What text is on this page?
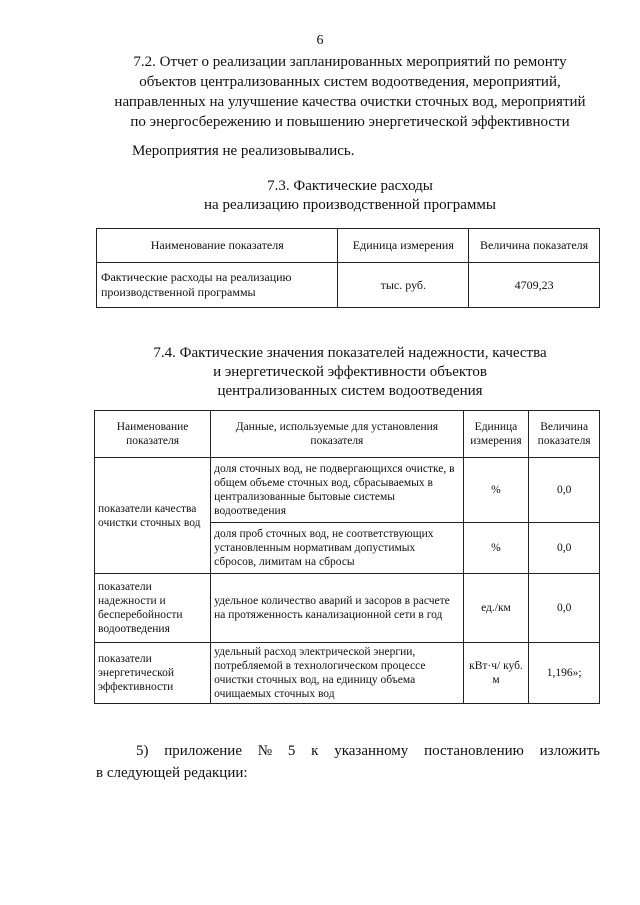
6
7.2. Отчет о реализации запланированных мероприятий по ремонту
объектов централизованных систем водоотведения, мероприятий,
направленных на улучшение качества очистки сточных вод, мероприятий
по энергосбережению и повышению энергетической эффективности
Мероприятия не реализовывались.
7.3. Фактические расходы
на реализацию производственной программы
Наименование показателя	Единица измерения	Величина показателя
Фактические расходы на реализацию производственной программы	тыс. руб.	4709,23
7.4. Фактические значения показателей надежности, качества
и энергетической эффективности объектов
централизованных систем водоотведения
Наименование показателя	Данные, используемые для установления показателя	Единица измерения	Величина показателя
показатели качества очистки сточных вод	доля сточных вод, не подвергающихся очистке, в общем объеме сточных вод, сбрасываемых в централизованные бытовые системы водоотведения	%	0,0
	доля проб сточных вод, не соответствующих установленным нормативам допустимых сбросов, лимитам на сбросы	%	0,0
показатели надежности и бесперебойности водоотведения	удельное количество аварий и засоров в расчете на протяженность канализационной сети в год	ед./км	0,0
показатели энергетической эффективности	удельный расход электрической энергии, потребляемой в технологическом процессе очистки сточных вод, на единицу объема очищаемых сточных вод	кВт·ч/ куб. м	1,196»;
5) приложение № 5 к указанному постановлению изложить
в следующей редакции:
